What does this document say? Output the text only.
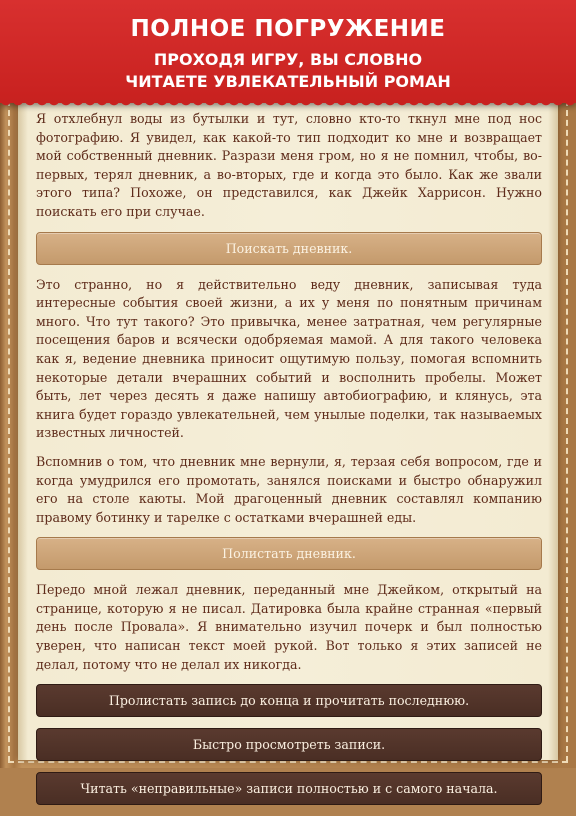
Я отхлебнул воды из бутылки и тут, словно кто-то ткнул мне под нос фотографию. Я увидел, как какой-то тип подходит ко мне и возвращает мой собственный дневник. Разрази меня гром, но я не помнил, чтобы, во-первых, терял дневник, а во-вторых, где и когда это было. Как же звали этого типа? Похоже, он представился, как Джейк Харрисон. Нужно поискать его при случае.

Поискать дневник.

Это странно, но я действительно веду дневник, записывая туда интересные события своей жизни, а их у меня по понятным причинам много. Что тут такого? Это привычка, менее затратная, чем регулярные посещения баров и всячески одобряемая мамой. А для такого человека как я, ведение дневника приносит ощутимую пользу, помогая вспомнить некоторые детали вчерашних событий и восполнить пробелы. Может быть, лет через десять я даже напишу автобиографию, и клянусь, эта книга будет гораздо увлекательней, чем унылые поделки, так называемых известных личностей.

Вспомнив о том, что дневник мне вернули, я, терзая себя вопросом, где и когда умудрился его промотать, занялся поисками и быстро обнаружил его на столе каюты. Мой драгоценный дневник составлял компанию правому ботинку и тарелке с остатками вчерашней еды.

Полистать дневник.

Передо мной лежал дневник, переданный мне Джейком, открытый на странице, которую я не писал. Датировка была крайне странная «первый день после Провала». Я внимательно изучил почерк и был полностью уверен, что написан текст моей рукой. Вот только я этих записей не делал, потому что не делал их никогда.

Пролистать запись до конца и прочитать последнюю.
Быстро просмотреть записи.
Читать «неправильные» записи полностью и с самого начала.
ПОЛНОЕ ПОГРУЖЕНИЕ
ПРОХОДЯ ИГРУ, ВЫ СЛОВНО
ЧИТАЕТЕ УВЛЕКАТЕЛЬНЫЙ РОМАН
